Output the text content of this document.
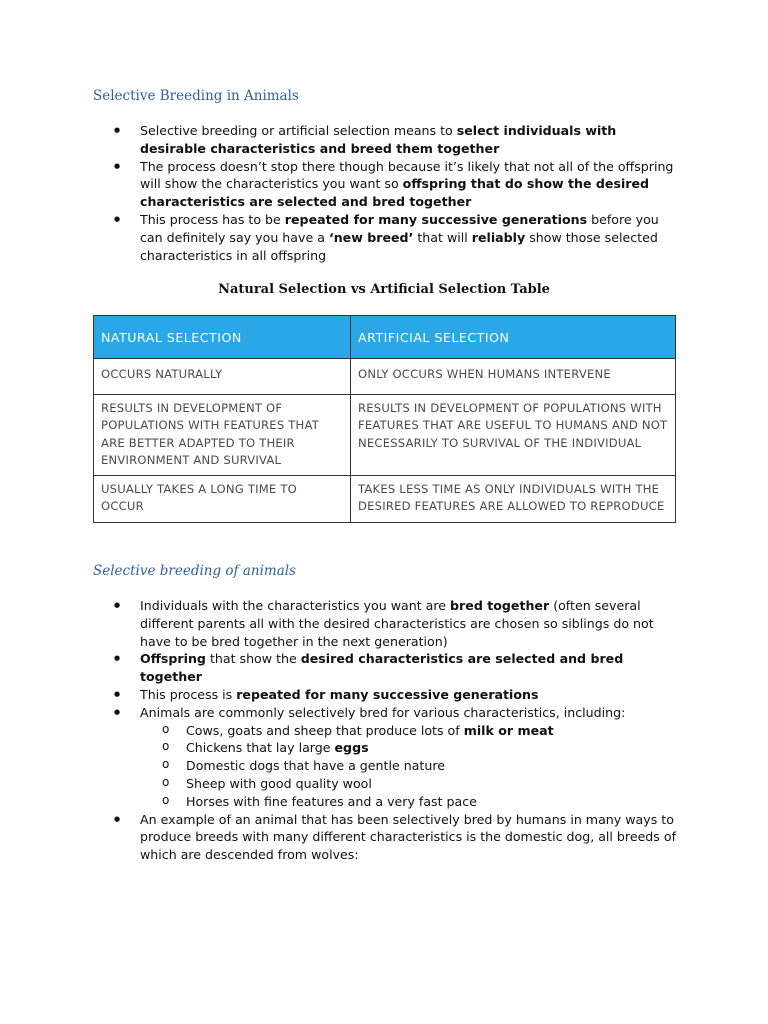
Selective Breeding in Animals
● Selective breeding or artificial selection means to select individuals with desirable characteristics and breed them together
● The process doesn’t stop there though because it’s likely that not all of the offspring will show the characteristics you want so offspring that do show the desired characteristics are selected and bred together
● This process has to be repeated for many successive generations before you can definitely say you have a ‘new breed’ that will reliably show those selected characteristics in all offspring
Natural Selection vs Artificial Selection Table
NATURAL SELECTION	ARTIFICIAL SELECTION
OCCURS NATURALLY	ONLY OCCURS WHEN HUMANS INTERVENE
RESULTS IN DEVELOPMENT OF POPULATIONS WITH FEATURES THAT ARE BETTER ADAPTED TO THEIR ENVIRONMENT AND SURVIVAL	RESULTS IN DEVELOPMENT OF POPULATIONS WITH FEATURES THAT ARE USEFUL TO HUMANS AND NOT NECESSARILY TO SURVIVAL OF THE INDIVIDUAL
USUALLY TAKES A LONG TIME TO OCCUR	TAKES LESS TIME AS ONLY INDIVIDUALS WITH THE DESIRED FEATURES ARE ALLOWED TO REPRODUCE
Selective breeding of animals
● Individuals with the characteristics you want are bred together (often several different parents all with the desired characteristics are chosen so siblings do not have to be bred together in the next generation)
● Offspring that show the desired characteristics are selected and bred together
● This process is repeated for many successive generations
● Animals are commonly selectively bred for various characteristics, including:
o Cows, goats and sheep that produce lots of milk or meat
o Chickens that lay large eggs
o Domestic dogs that have a gentle nature
o Sheep with good quality wool
o Horses with fine features and a very fast pace
● An example of an animal that has been selectively bred by humans in many ways to produce breeds with many different characteristics is the domestic dog, all breeds of which are descended from wolves:
